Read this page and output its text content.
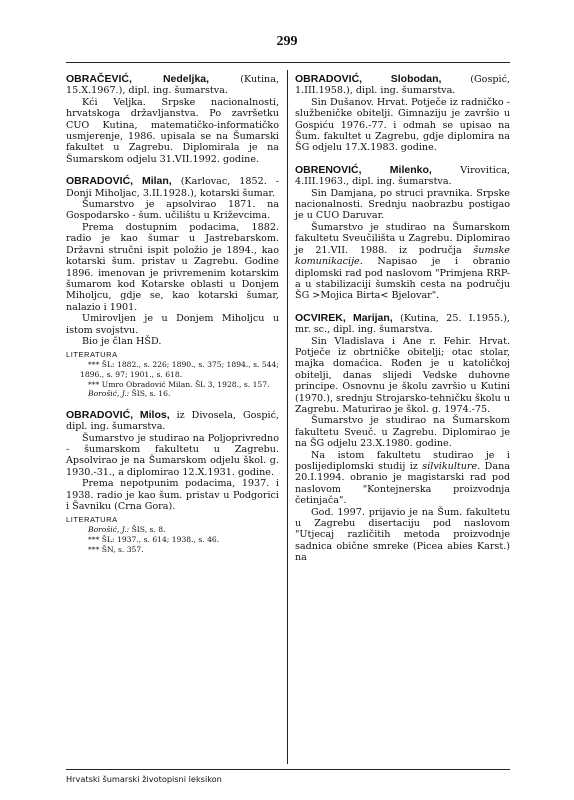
299

OBRAČEVIĆ, Nedeljka, (Kutina, 15.X.1967.), dipl. ing. šumarstva.

Kći Veljka. Srpske nacionalnosti, hrvatskoga državljanstva. Po završetku CUO Kutina, matematičko-informatičko usmjerenje, 1986. upisala se na Šumarski fakultet u Zagrebu. Diplomirala je na Šumarskom odjelu 31.VII.1992. godine.

OBRADOVIĆ, Milan, (Karlovac, 1852. - Donji Miholjac, 3.II.1928.), kotarski šumar.

Šumarstvo je apsolvirao 1871. na Gospodarsko - šum. učilištu u Križevcima.

Prema dostupnim podacima, 1882. radio je kao šumar u Jastrebarskom. Državni stručni ispit položio je 1894., kao kotarski šum. pristav u Zagrebu. Godine 1896. imenovan je privremenim kotarskim šumarom kod Kotarske oblasti u Donjem Miholjcu, gdje se, kao kotarski šumar, nalazio i 1901.

Umirovljen je u Donjem Miholjcu u istom svojstvu.

Bio je član HŠD.

LITERATURA
*** ŠL: 1882., s. 226; 1890., s. 375; 1894., s. 544; 1896., s. 97; 1901., s. 618.
*** Umro Obradović Milan. ŠL 3, 1928., s. 157.
Borošić, J.: ŠIS, s. 16.

OBRADOVIĆ, Milos, iz Divosela, Gospić, dipl. ing. šumarstva.

Šumarstvo je studirao na Poljoprivredno - šumarskom fakultetu u Zagrebu. Apsolvirao je na Šumarskom odjelu škol. g. 1930.-31., a diplomirao 12.X.1931. godine.

Prema nepotpunim podacima, 1937. i 1938. radio je kao šum. pristav u Podgorici i Šavniku (Crna Gora).

LITERATURA
Borošić, J.: ŠIS, s. 8.
*** ŠL: 1937., s. 614; 1938., s. 46.
*** ŠN, s. 357.

OBRADOVIĆ, Slobodan, (Gospić, 1.III.1958.), dipl. ing. šumarstva.

Sin Dušanov. Hrvat. Potječe iz radničko - službeničke obitelji. Gimnaziju je završio u Gospiću 1976.-77. i odmah se upisao na Šum. fakultet u Zagrebu, gdje diplomira na ŠG odjelu 17.X.1983. godine.

OBRENOVIĆ, Milenko, Virovitica, 4.III.1963., dipl. ing. šumarstva.

Sin Damjana, po struci pravnika. Srpske nacionalnosti. Srednju naobrazbu postigao je u CUO Daruvar.

Šumarstvo je studirao na Šumarskom fakultetu Sveučilišta u Zagrebu. Diplomirao je 21.VII. 1988. iz područja šumske komunikacije. Napisao je i obranio diplomski rad pod naslovom "Primjena RRP-a u stabilizaciji šumskih cesta na području ŠG >Mojica Birta< Bjelovar".

OCVIREK, Marijan, (Kutina, 25. I.1955.), mr. sc., dipl. ing. šumarstva.

Sin Vladislava i Ane r. Fehir. Hrvat. Potječe iz obrtničke obitelji; otac stolar, majka domaćica. Rođen je u katoličkoj obitelji, danas slijedi Vedske duhovne principe. Osnovnu je školu završio u Kutini (1970.), srednju Strojarsko-tehničku školu u Zagrebu. Maturirao je škol. g. 1974.-75.

Šumarstvo je studirao na Šumarskom fakultetu Sveuč. u Zagrebu. Diplomirao je na ŠG odjelu 23.X.1980. godine.

Na istom fakultetu studirao je i poslijediplomski studij iz silvikulture. Dana 20.I.1994. obranio je magistarski rad pod naslovom "Kontejnerska proizvodnja četinjača".

God. 1997. prijavio je na Šum. fakultetu u Zagrebu disertaciju pod naslovom "Utjecaj različitih metoda proizvodnje sadnica obične smreke (Picea abies Karst.) na

Hrvatski šumarski životopisni leksikon
